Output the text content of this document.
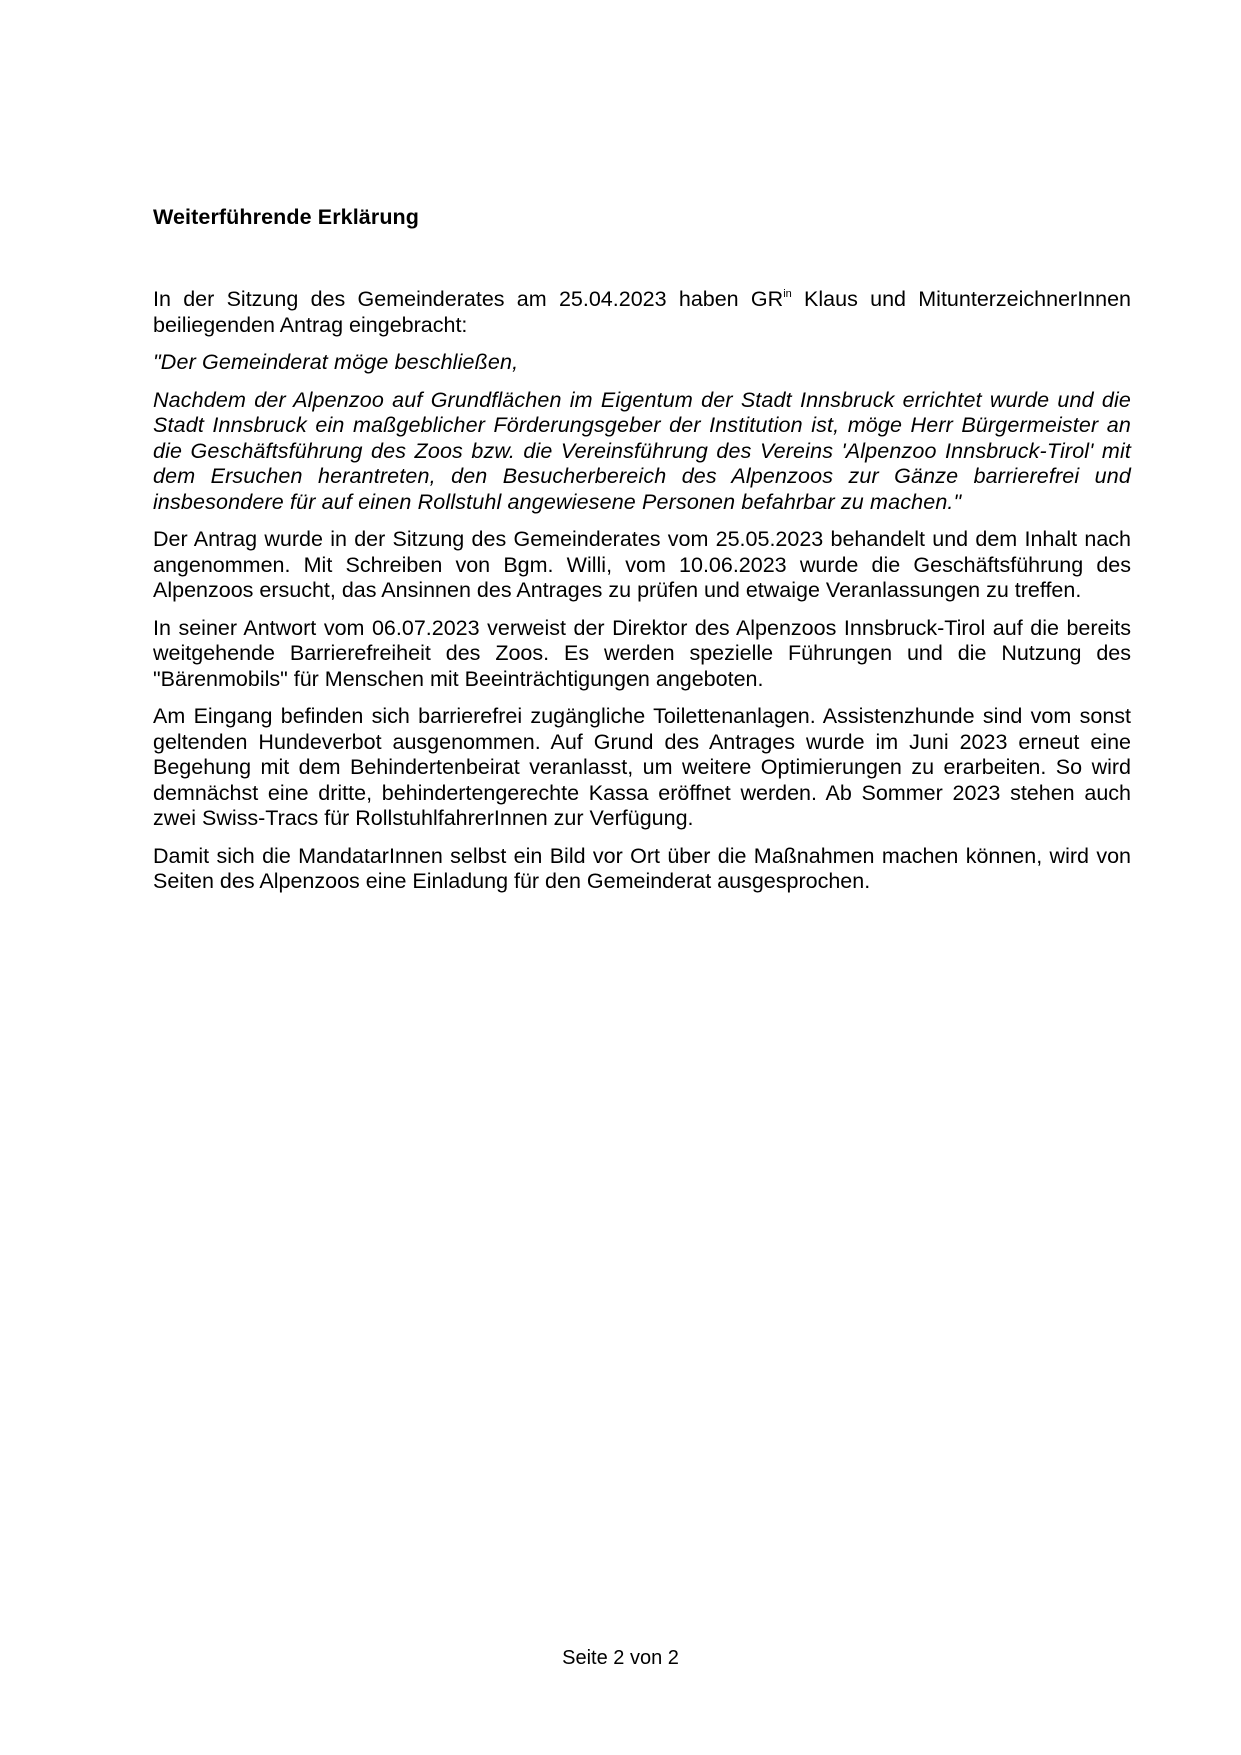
Weiterführende Erklärung

In der Sitzung des Gemeinderates am 25.04.2023 haben $GR^{in}$ Klaus und MitunterzeichnerInnen beiliegenden Antrag eingebracht:

"Der Gemeinderat möge beschließen,

Nachdem der Alpenzoo auf Grundflächen im Eigentum der Stadt Innsbruck errichtet wurde und die Stadt Innsbruck ein maßgeblicher Förderungsgeber der Institution ist, möge Herr Bürgermeister an die Geschäftsführung des Zoos bzw. die Vereinsführung des Vereins 'Alpenzoo Innsbruck-Tirol' mit dem Ersuchen herantreten, den Besucherbereich des Alpenzoos zur Gänze barrierefrei und insbesondere für auf einen Rollstuhl angewiesene Personen befahrbar zu machen."

Der Antrag wurde in der Sitzung des Gemeinderates vom 25.05.2023 behandelt und dem Inhalt nach angenommen. Mit Schreiben von Bgm. Willi, vom 10.06.2023 wurde die Geschäftsführung des Alpenzoos ersucht, das Ansinnen des Antrages zu prüfen und etwaige Veranlassungen zu treffen.

In seiner Antwort vom 06.07.2023 verweist der Direktor des Alpenzoos Innsbruck-Tirol auf die bereits weitgehende Barrierefreiheit des Zoos. Es werden spezielle Führungen und die Nutzung des "Bärenmobils" für Menschen mit Beeinträchtigungen angeboten.

Am Eingang befinden sich barrierefrei zugängliche Toilettenanlagen. Assistenzhunde sind vom sonst geltenden Hundeverbot ausgenommen. Auf Grund des Antrages wurde im Juni 2023 erneut eine Begehung mit dem Behindertenbeirat veranlasst, um weitere Optimierungen zu erarbeiten. So wird demnächst eine dritte, behindertengerechte Kassa eröffnet werden. Ab Sommer 2023 stehen auch zwei Swiss-Tracs für RollstuhlfahrerInnen zur Verfügung.

Damit sich die MandatarInnen selbst ein Bild vor Ort über die Maßnahmen machen können, wird von Seiten des Alpenzoos eine Einladung für den Gemeinderat ausgesprochen.

Seite 2 von 2
